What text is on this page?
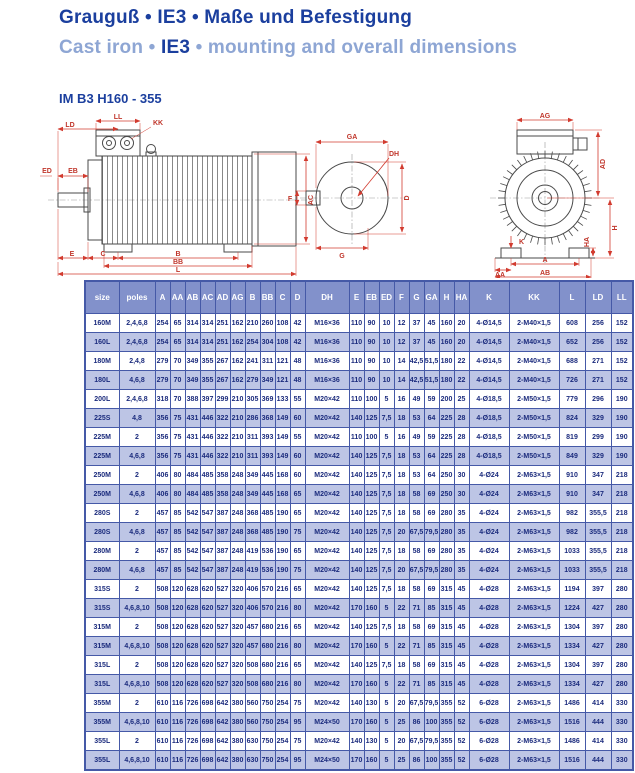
Grauguß • IE3 • Maße und Befestigung
Cast iron • IE3 • mounting and overall dimensions
IM B3 H160 - 355
LL
LD	KK
EB
ED
AC
E	C	B
BB
L
GA
DH
F	D
G
AG
AD
H
HA
K
A
AA	AB
size	poles	A	AA	AB	AC	AD	AG	B	BB	C	D	DH	E	EB	ED	F	G	GA	H	HA	K	KK	L	LD	LL
160M	2,4,6,8	254	65	314	314	251	162	210	260	108	42	M16×36	110	90	10	12	37	45	160	20	4-Ø14,5	2-M40×1,5	608	256	152
160L	2,4,6,8	254	65	314	314	251	162	254	304	108	42	M16×36	110	90	10	12	37	45	160	20	4-Ø14,5	2-M40×1,5	652	256	152
180M	2,4,8	279	70	349	355	267	162	241	311	121	48	M16×36	110	90	10	14	42,5	51,5	180	22	4-Ø14,5	2-M40×1,5	688	271	152
180L	4,6,8	279	70	349	355	267	162	279	349	121	48	M16×36	110	90	10	14	42,5	51,5	180	22	4-Ø14,5	2-M40×1,5	726	271	152
200L	2,4,6,8	318	70	388	397	299	210	305	369	133	55	M20×42	110	100	5	16	49	59	200	25	4-Ø18,5	2-M50×1,5	779	296	190
225S	4,8	356	75	431	446	322	210	286	368	149	60	M20×42	140	125	7,5	18	53	64	225	28	4-Ø18,5	2-M50×1,5	824	329	190
225M	2	356	75	431	446	322	210	311	393	149	55	M20×42	110	100	5	16	49	59	225	28	4-Ø18,5	2-M50×1,5	819	299	190
225M	4,6,8	356	75	431	446	322	210	311	393	149	60	M20×42	140	125	7,5	18	53	64	225	28	4-Ø18,5	2-M50×1,5	849	329	190
250M	2	406	80	484	485	358	248	349	445	168	60	M20×42	140	125	7,5	18	53	64	250	30	4-Ø24	2-M63×1,5	910	347	218
250M	4,6,8	406	80	484	485	358	248	349	445	168	65	M20×42	140	125	7,5	18	58	69	250	30	4-Ø24	2-M63×1,5	910	347	218
280S	2	457	85	542	547	387	248	368	485	190	65	M20×42	140	125	7,5	18	58	69	280	35	4-Ø24	2-M63×1,5	982	355,5	218
280S	4,6,8	457	85	542	547	387	248	368	485	190	75	M20×42	140	125	7,5	20	67,5	79,5	280	35	4-Ø24	2-M63×1,5	982	355,5	218
280M	2	457	85	542	547	387	248	419	536	190	65	M20×42	140	125	7,5	18	58	69	280	35	4-Ø24	2-M63×1,5	1033	355,5	218
280M	4,6,8	457	85	542	547	387	248	419	536	190	75	M20×42	140	125	7,5	20	67,5	79,5	280	35	4-Ø24	2-M63×1,5	1033	355,5	218
315S	2	508	120	628	620	527	320	406	570	216	65	M20×42	140	125	7,5	18	58	69	315	45	4-Ø28	2-M63×1,5	1194	397	280
315S	4,6,8,10	508	120	628	620	527	320	406	570	216	80	M20×42	170	160	5	22	71	85	315	45	4-Ø28	2-M63×1,5	1224	427	280
315M	2	508	120	628	620	527	320	457	680	216	65	M20×42	140	125	7,5	18	58	69	315	45	4-Ø28	2-M63×1,5	1304	397	280
315M	4,6,8,10	508	120	628	620	527	320	457	680	216	80	M20×42	170	160	5	22	71	85	315	45	4-Ø28	2-M63×1,5	1334	427	280
315L	2	508	120	628	620	527	320	508	680	216	65	M20×42	140	125	7,5	18	58	69	315	45	4-Ø28	2-M63×1,5	1304	397	280
315L	4,6,8,10	508	120	628	620	527	320	508	680	216	80	M20×42	170	160	5	22	71	85	315	45	4-Ø28	2-M63×1,5	1334	427	280
355M	2	610	116	726	698	642	380	560	750	254	75	M20×42	140	130	5	20	67,5	79,5	355	52	6-Ø28	2-M63×1,5	1486	414	330
355M	4,6,8,10	610	116	726	698	642	380	560	750	254	95	M24×50	170	160	5	25	86	100	355	52	6-Ø28	2-M63×1,5	1516	444	330
355L	2	610	116	726	698	642	380	630	750	254	75	M20×42	140	130	5	20	67,5	79,5	355	52	6-Ø28	2-M63×1,5	1486	414	330
355L	4,6,8,10	610	116	726	698	642	380	630	750	254	95	M24×50	170	160	5	25	86	100	355	52	6-Ø28	2-M63×1,5	1516	444	330
